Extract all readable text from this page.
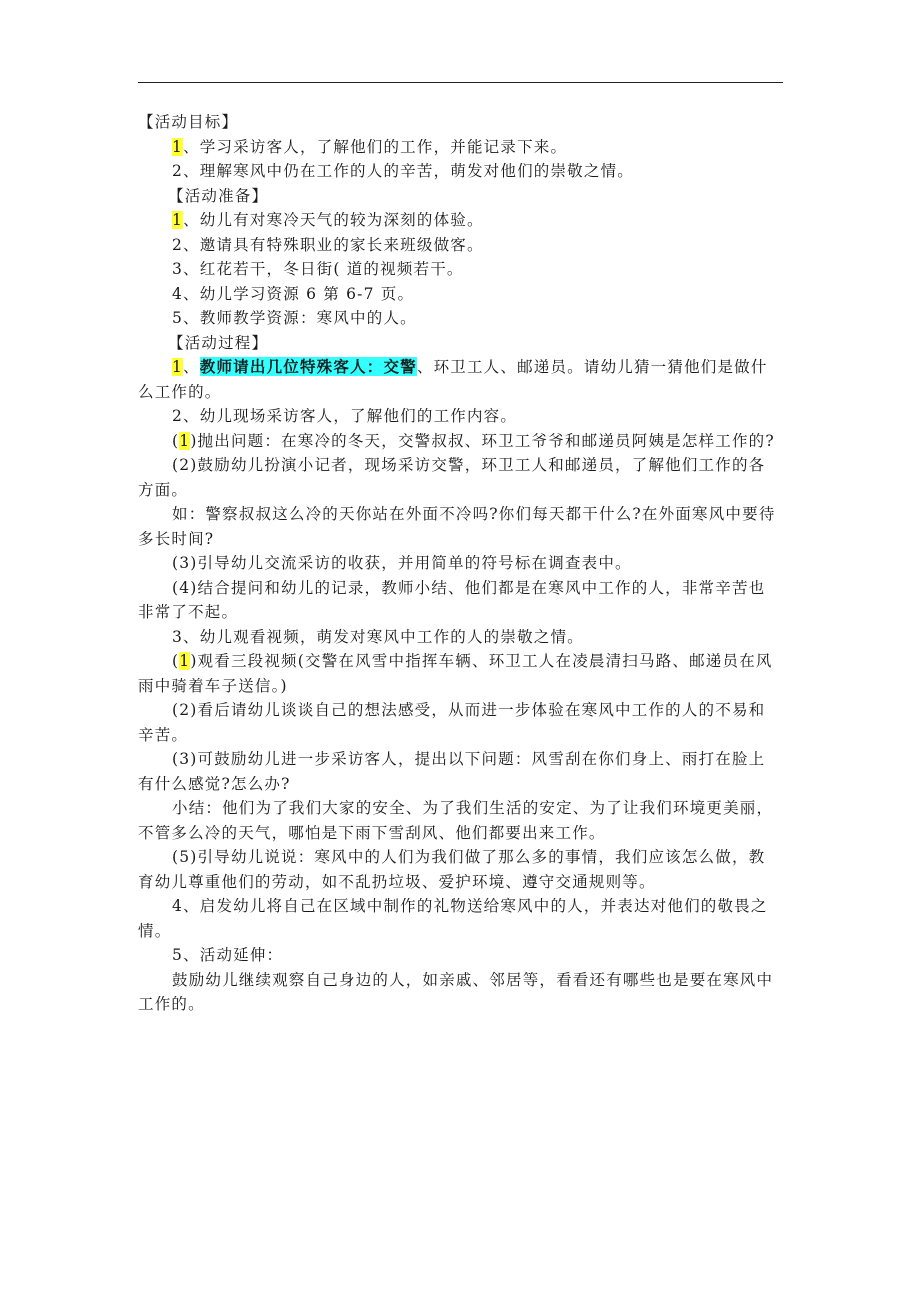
【活动目标】

1、学习采访客人，了解他们的工作，并能记录下来。

2、理解寒风中仍在工作的人的辛苦，萌发对他们的崇敬之情。

【活动准备】

1、幼儿有对寒冷天气的较为深刻的体验。

2、邀请具有特殊职业的家长来班级做客。

3、红花若干，冬日街( 道的视频若干。

4、幼儿学习资源 6 第 6-7 页。

5、教师教学资源：寒风中的人。

【活动过程】

1、教师请出几位特殊客人：交警、环卫工人、邮递员。请幼儿猜一猜他们是做什么工作的。

2、幼儿现场采访客人，了解他们的工作内容。

(1)抛出问题：在寒冷的冬天，交警叔叔、环卫工爷爷和邮递员阿姨是怎样工作的?

(2)鼓励幼儿扮演小记者，现场采访交警，环卫工人和邮递员，了解他们工作的各方面。

如：警察叔叔这么冷的天你站在外面不冷吗?你们每天都干什么?在外面寒风中要待多长时间?

(3)引导幼儿交流采访的收获，并用简单的符号标在调查表中。

(4)结合提问和幼儿的记录，教师小结、他们都是在寒风中工作的人，非常辛苦也非常了不起。

3、幼儿观看视频，萌发对寒风中工作的人的崇敬之情。

(1)观看三段视频(交警在风雪中指挥车辆、环卫工人在凌晨清扫马路、邮递员在风雨中骑着车子送信。)

(2)看后请幼儿谈谈自己的想法感受，从而进一步体验在寒风中工作的人的不易和辛苦。

(3)可鼓励幼儿进一步采访客人，提出以下问题：风雪刮在你们身上、雨打在脸上有什么感觉?怎么办?

小结：他们为了我们大家的安全、为了我们生活的安定、为了让我们环境更美丽，不管多么冷的天气，哪怕是下雨下雪刮风、他们都要出来工作。

(5)引导幼儿说说：寒风中的人们为我们做了那么多的事情，我们应该怎么做，教育幼儿尊重他们的劳动，如不乱扔垃圾、爱护环境、遵守交通规则等。

4、启发幼儿将自己在区域中制作的礼物送给寒风中的人，并表达对他们的敬畏之情。

5、活动延伸：

鼓励幼儿继续观察自己身边的人，如亲戚、邻居等，看看还有哪些也是要在寒风中工作的。
